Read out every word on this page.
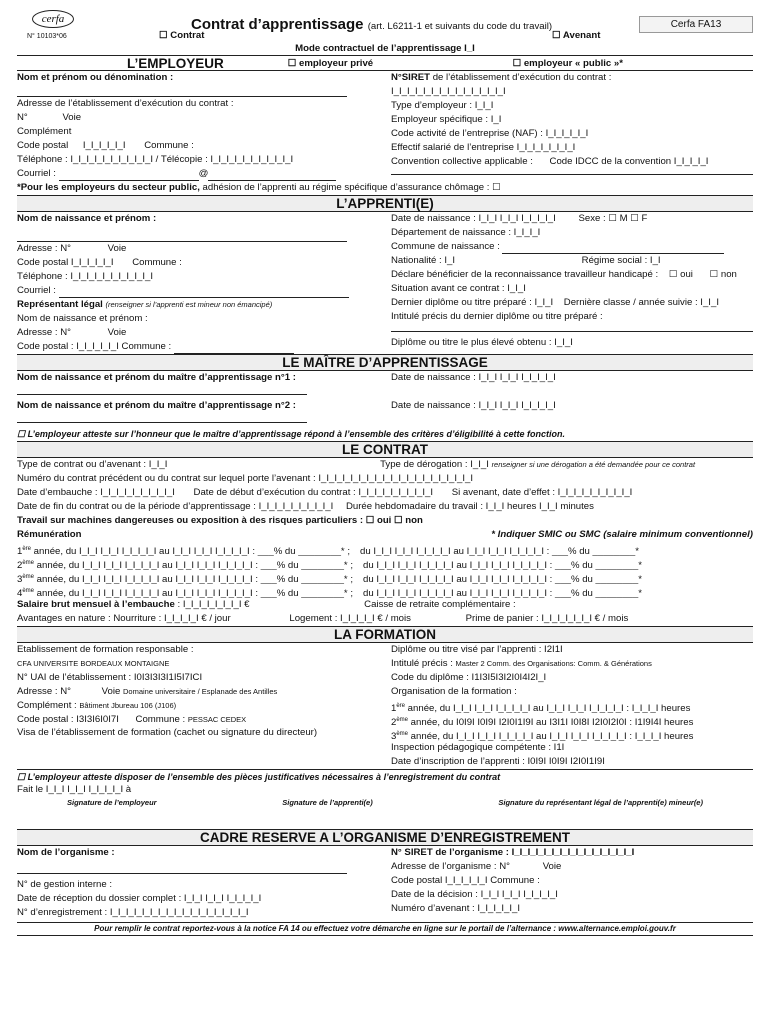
cerfa
N° 10103*06
Contrat d’apprentissage (art. L6211-1 et suivants du code du travail)	Cerfa FA13
☐ Contrat	☐ Avenant
Mode contractuel de l’apprentissage I_I
L’EMPLOYEUR	☐ employeur privé	☐ employeur « public »*
Nom et prénom ou dénomination :
Adresse de l’établissement d’exécution du contrat :
N°	Voie
Complément
Code postal I_I_I_I_I_I Commune :
Téléphone : I_I_I_I_I_I_I_I_I_I_I / Télécopie : I_I_I_I_I_I_I_I_I_I_I
Courriel :	@
N°SIRET de l’établissement d’exécution du contrat :
I_I_I_I_I_I_I_I_I_I_I_I_I_I_I
Type d’employeur : I_I_I
Employeur spécifique : I_I
Code activité de l’entreprise (NAF) : I_I_I_I_I_I
Effectif salarié de l’entreprise I_I_I_I_I_I_I_I
Convention collective applicable : Code IDCC de la convention I_I_I_I_I
*Pour les employeurs du secteur public, adhésion de l’apprenti au régime spécifique d’assurance chômage : ☐
L’APPRENTI(E)
Nom de naissance et prénom :
Adresse : N°	Voie
Code postal I_I_I_I_I_I Commune :
Téléphone : I_I_I_I_I_I_I_I_I_I_I
Courriel :
Représentant légal (renseigner si l’apprenti est mineur non émancipé)
Nom de naissance et prénom :
Adresse : N°	Voie
Code postal : I_I_I_I_I_I Commune :
Date de naissance : I_I_I I_I_I I_I_I_I_I Sexe : ☐ M ☐ F
Département de naissance : I_I_I_I
Commune de naissance :
Nationalité : I_I	Régime social : I_I
Déclare bénéficier de la reconnaissance travailleur handicapé : ☐ oui ☐ non
Situation avant ce contrat : I_I_I
Dernier diplôme ou titre préparé : I_I_I Dernière classe / année suivie : I_I_I
Intitulé précis du dernier diplôme ou titre préparé :
Diplôme ou titre le plus élevé obtenu : I_I_I
LE MAÎTRE D’APPRENTISSAGE
Nom de naissance et prénom du maître d’apprentissage n°1 :
Nom de naissance et prénom du maître d’apprentissage n°2 :
Date de naissance : I_I_I I_I_I I_I_I_I_I
Date de naissance : I_I_I I_I_I I_I_I_I_I
☐ L’employeur atteste sur l’honneur que le maître d’apprentissage répond à l’ensemble des critères d’éligibilité à cette fonction.
LE CONTRAT
Type de contrat ou d’avenant : I_I_I	Type de dérogation : I_I_I renseigner si une dérogation a été demandée pour ce contrat
Numéro du contrat précédent ou du contrat sur lequel porte l’avenant : I_I_I_I_I_I_I_I_I_I_I_I_I_I_I_I_I_I_I_I
Date d’embauche : I_I_I_I_I_I_I_I_I_I Date de début d’exécution du contrat : I_I_I_I_I_I_I_I_I_I Si avenant, date d’effet : I_I_I_I_I_I_I_I_I_I
Date de fin du contrat ou de la période d’apprentissage : I_I_I_I_I_I_I_I_I_I Durée hebdomadaire du travail : I_I_I heures I_I_I minutes
Travail sur machines dangereuses ou exposition à des risques particuliers : ☐ oui ☐ non
Rémunération	* Indiquer SMIC ou SMC (salaire minimum conventionnel)
1ère année, du I_I_I I_I_I I_I_I_I_I au I_I_I I_I_I I_I_I_I_I : ___% du ________* ; du I_I_I I_I_I I_I_I_I_I au I_I_I I_I_I I_I_I_I_I : ___% du ________*
2ème année, du I_I_I I_I_I I_I_I_I_I au I_I_I I_I_I I_I_I_I_I : ___% du ________* ; du I_I_I I_I_I I_I_I_I_I au I_I_I I_I_I I_I_I_I_I : ___% du ________*
3ème année, du I_I_I I_I_I I_I_I_I_I au I_I_I I_I_I I_I_I_I_I : ___% du ________* ; du I_I_I I_I_I I_I_I_I_I au I_I_I I_I_I I_I_I_I_I : ___% du ________*
4ème année, du I_I_I I_I_I I_I_I_I_I au I_I_I I_I_I I_I_I_I_I : ___% du ________* ; du I_I_I I_I_I I_I_I_I_I au I_I_I I_I_I I_I_I_I_I : ___% du ________*
Salaire brut mensuel à l’embauche : I_I_I_I_I_I_I_I €	Caisse de retraite complémentaire :
Avantages en nature : Nourriture : I_I_I_I_I € / jour	Logement : I_I_I_I_I € / mois	Prime de panier : I_I_I_I_I_I_I € / mois
LA FORMATION
Etablissement de formation responsable :
CFA UNIVERSITE BORDEAUX MONTAIGNE
N° UAI de l’établissement : I0I3I3I3I1I5I7ICI
Adresse : N°	Voie Domaine universitaire / Esplanade des Antilles
Complément : Bâtiment Jbureau 106 (J106)
Code postal : I3I3I6I0I7I Commune : PESSAC CEDEX
Visa de l’établissement de formation (cachet ou signature du directeur)
Diplôme ou titre visé par l’apprenti : I2I1I
Intitulé précis : Master 2 Comm. des Organisations: Comm. & Générations
Code du diplôme : I1I3I5I3I2I0I4I2I_I
Organisation de la formation :
1ère année, du I_I_I I_I_I I_I_I_I_I au I_I_I I_I_I I_I_I_I_I : I_I_I_I heures
2ème année, du I0I9I I0I9I I2I0I1I9I au I3I1I I0I8I I2I0I2I0I : I1I9I4I heures
3ème année, du I_I_I I_I_I I_I_I_I_I au I_I_I I_I_I I_I_I_I_I : I_I_I_I heures
Inspection pédagogique compétente : I1I
Date d’inscription de l’apprenti : I0I9I I0I9I I2I0I1I9I
☐ L’employeur atteste disposer de l’ensemble des pièces justificatives nécessaires à l’enregistrement du contrat
Fait le I_I_I I_I_I I_I_I_I_I à
Signature de l’employeur	Signature de l’apprenti(e)	Signature du représentant légal de l’apprenti(e) mineur(e)
CADRE RESERVE A L’ORGANISME D’ENREGISTREMENT
Nom de l’organisme :
N° de gestion interne :
Date de réception du dossier complet : I_I_I I_I_I I_I_I_I_I
N° d’enregistrement : I_I_I_I_I_I_I_I_I_I_I_I_I_I_I_I_I_I
N° SIRET de l’organisme : I_I_I_I_I_I_I_I_I_I_I_I_I_I_I_I
Adresse de l’organisme : N°	Voie
Code postal I_I_I_I_I_I Commune :
Date de la décision : I_I_I I_I_I I_I_I_I_I
Numéro d’avenant : I_I_I_I_I_I
Pour remplir le contrat reportez-vous à la notice FA 14 ou effectuez votre démarche en ligne sur le portail de l’alternance : www.alternance.emploi.gouv.fr
